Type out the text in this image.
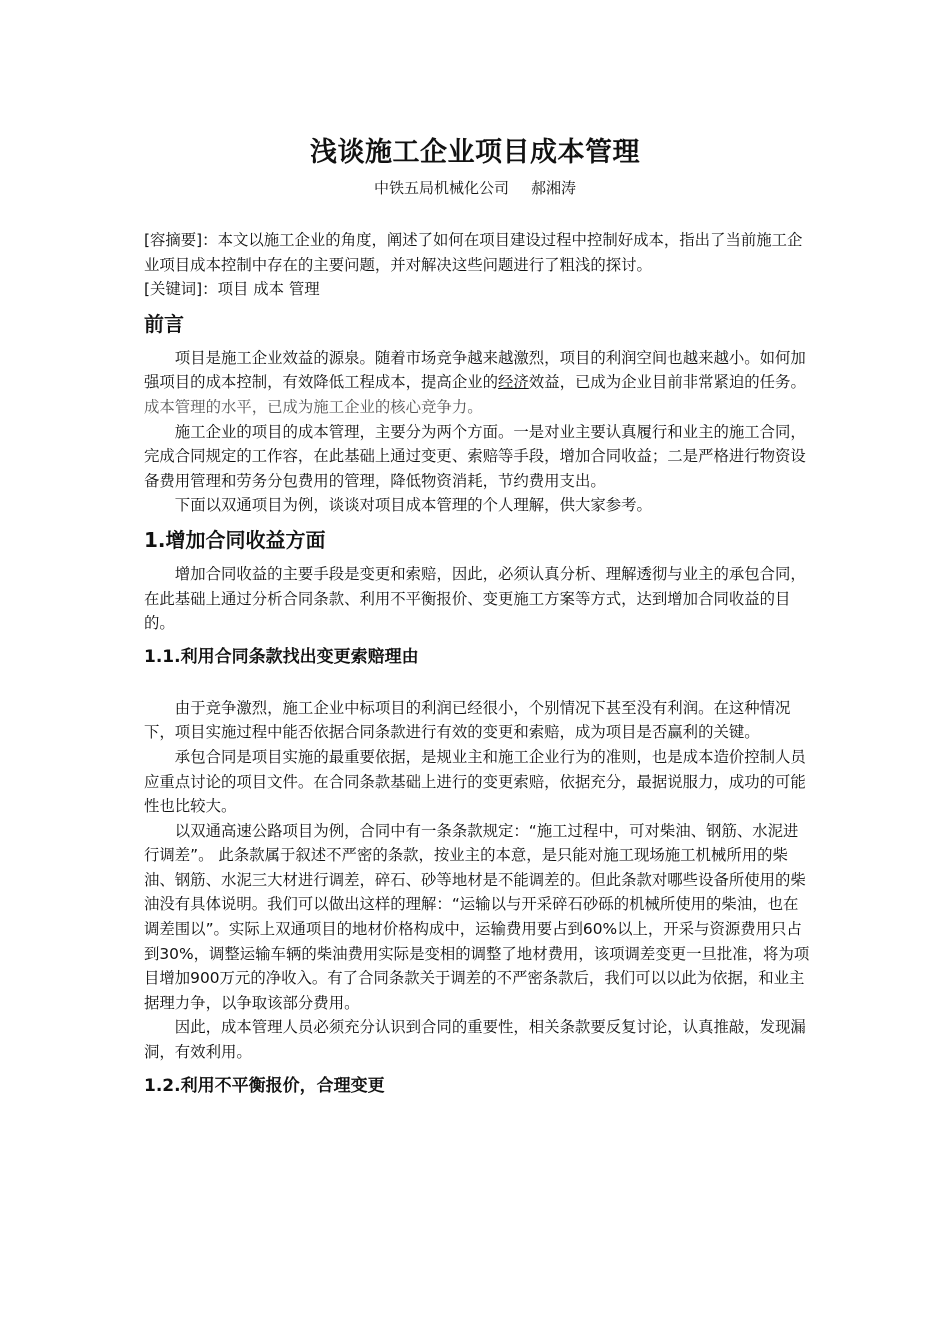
浅谈施工企业项目成本管理

中铁五局机械化公司 郝湘涛

[容摘要]：本文以施工企业的角度，阐述了如何在项目建设过程中控制好成本，指出了当前施工企业项目成本控制中存在的主要问题，并对解决这些问题进行了粗浅的探讨。

[关键词]：项目 成本 管理

前言

项目是施工企业效益的源泉。随着市场竞争越来越激烈，项目的利润空间也越来越小。如何加强项目的成本控制，有效降低工程成本，提高企业的经济效益，已成为企业目前非常紧迫的任务。成本管理的水平，已成为施工企业的核心竞争力。

施工企业的项目的成本管理，主要分为两个方面。一是对业主要认真履行和业主的施工合同，完成合同规定的工作容，在此基础上通过变更、索赔等手段，增加合同收益；二是严格进行物资设备费用管理和劳务分包费用的管理，降低物资消耗，节约费用支出。

下面以双通项目为例，谈谈对项目成本管理的个人理解，供大家参考。

1.增加合同收益方面

增加合同收益的主要手段是变更和索赔，因此，必须认真分析、理解透彻与业主的承包合同，在此基础上通过分析合同条款、利用不平衡报价、变更施工方案等方式，达到增加合同收益的目的。

1.1.利用合同条款找出变更索赔理由

由于竞争激烈，施工企业中标项目的利润已经很小，个别情况下甚至没有利润。在这种情况下，项目实施过程中能否依据合同条款进行有效的变更和索赔，成为项目是否赢利的关键。

承包合同是项目实施的最重要依据，是规业主和施工企业行为的准则，也是成本造价控制人员应重点讨论的项目文件。在合同条款基础上进行的变更索赔，依据充分，最据说服力，成功的可能性也比较大。

以双通高速公路项目为例，合同中有一条条款规定：“施工过程中，可对柴油、钢筋、水泥进行调差”。 此条款属于叙述不严密的条款，按业主的本意，是只能对施工现场施工机械所用的柴油、钢筋、水泥三大材进行调差，碎石、砂等地材是不能调差的。但此条款对哪些设备所使用的柴油没有具体说明。我们可以做出这样的理解：“运输以与开采碎石砂砾的机械所使用的柴油，也在调差围以”。实际上双通项目的地材价格构成中，运输费用要占到60%以上，开采与资源费用只占到30%，调整运输车辆的柴油费用实际是变相的调整了地材费用，该项调差变更一旦批准，将为项目增加900万元的净收入。有了合同条款关于调差的不严密条款后，我们可以以此为依据，和业主据理力争，以争取该部分费用。

因此，成本管理人员必须充分认识到合同的重要性，相关条款要反复讨论，认真推敲，发现漏洞，有效利用。

1.2.利用不平衡报价，合理变更
